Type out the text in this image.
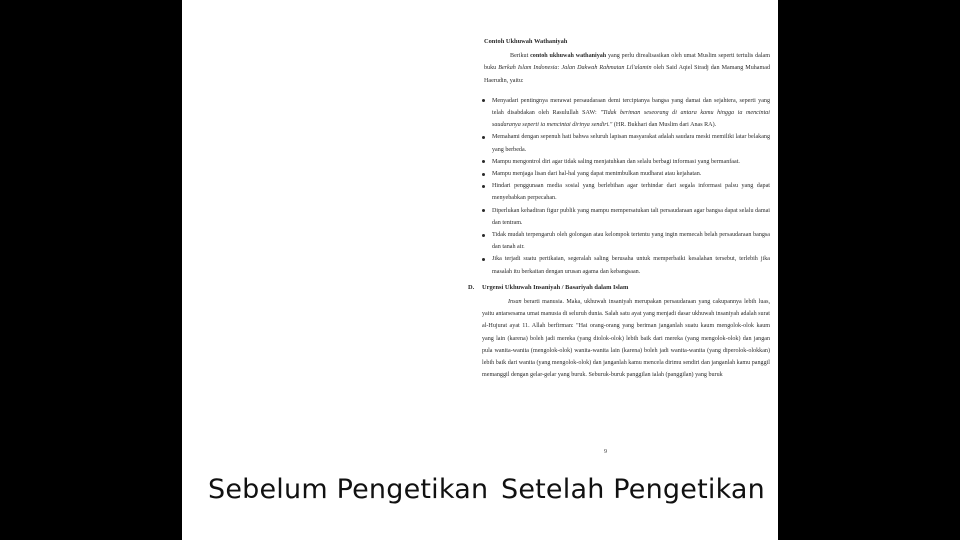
Contoh Ukhuwah Wathaniyah

Berikut contoh ukhuwah wathaniyah yang perlu direalisasikan oleh umat Muslim seperti tertulis dalam buku Berkah Islam Indonesia: Jalan Dakwah Rahmatan Lil'alamin oleh Said Aqiel Siradj dan Mamang Muhamad Haerudin, yaitu:

Menyadari pentingnya merawat persaudaraan demi terciptanya bangsa yang damai dan sejahtera, seperti yang telah disabdakan oleh Rasulullah SAW: "Tidak beriman seseorang di antara kamu hingga ia mencintai saudaranya seperti ia mencintai dirinya sendiri." (HR. Bukhari dan Muslim dari Anas RA).
Memahami dengan sepenuh hati bahwa seluruh lapisan masyarakat adalah saudara meski memiliki latar belakang yang berbeda.
Mampu mengontrol diri agar tidak saling menjatuhkan dan selalu berbagi informasi yang bermanfaat.
Mampu menjaga lisan dari hal-hal yang dapat menimbulkan mudharat atau kejahatan.
Hindari penggunaan media sosial yang berlebihan agar terhindar dari segala informasi palsu yang dapat menyebabkan perpecahan.
Diperlukan kehadiran figur publik yang mampu mempersatukan tali persaudaraan agar bangsa dapat selalu damai dan tentram.
Tidak mudah terpengaruh oleh golongan atau kelompok tertentu yang ingin memecah belah persaudaraan bangsa dan tanah air.
Jika terjadi suatu pertikaian, segeralah saling berusaha untuk memperbaiki kesalahan tersebut, terlebih jika masalah itu berkaitan dengan urusan agama dan kebangsaan.
D. Urgensi Ukhuwah Insaniyah / Basariyah dalam Islam

Insan berarti manusia. Maka, ukhuwah insaniyah merupakan persaudaraan yang cakupannya lebih luas, yaitu antarsesama umat manusia di seluruh dunia. Salah satu ayat yang menjadi dasar ukhuwah insaniyah adalah surat al-Hujurat ayat 11. Allah berfirman: "Hai orang-orang yang beriman janganlah suatu kaum mengolok-olok kaum yang lain (karena) boleh jadi mereka (yang diolok-olok) lebih baik dari mereka (yang mengolok-olok) dan jangan pula wanita-wanita (mengolok-olok) wanita-wanita lain (karena) boleh jadi wanita-wanita (yang diperolok-olokkan) lebih baik dari wanita (yang mengolok-olok) dan janganlah kamu mencela dirimu sendiri dan janganlah kamu panggil memanggil dengan gelar-gelar yang buruk. Seburuk-buruk panggilan ialah (panggilan) yang buruk

9
Sebelum Pengetikan Setelah Pengetikan
